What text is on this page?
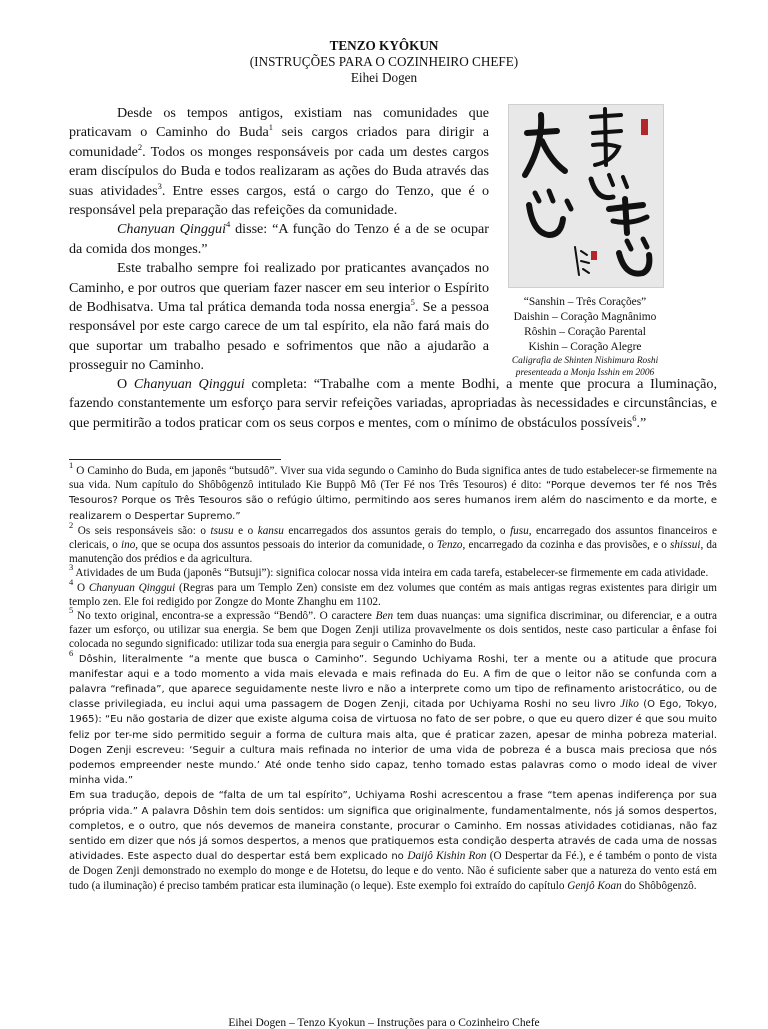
TENZO KYÔKUN
(INSTRUÇÕES PARA O COZINHEIRO CHEFE)
Eihei Dogen

Desde os tempos antigos, existiam nas comunidades que praticavam o Caminho do Buda$^1$ seis cargos criados para dirigir a comunidade$^2$. Todos os monges responsáveis por cada um destes cargos eram discípulos do Buda e todos realizaram as ações do Buda através das suas atividades$^3$. Entre esses cargos, está o cargo do Tenzo, que é o responsável pela preparação das refeições da comunidade.

Chanyuan Qinggui$^4$ disse: “A função do Tenzo é a de se ocupar da comida dos monges.”

Este trabalho sempre foi realizado por praticantes avançados no Caminho, e por outros que queriam fazer nascer em seu interior o Espírito de Bodhisatva. Uma tal prática demanda toda nossa energia$^5$. Se a pessoa responsável por este cargo carece de um tal espírito, ela não fará mais do que suportar um trabalho pesado e sofrimentos que não a ajudarão a prosseguir no Caminho.

O Chanyuan Qinggui completa: “Trabalhe com a mente Bodhi, a mente que procura a Iluminação, fazendo constantemente um esforço para servir refeições variadas, apropriadas às necessidades e circunstâncias, e que permitirão a todos praticar com os seus corpos e mentes, com o mínimo de obstáculos possíveis$^6$.”

“Sanshin – Três Corações”
Daishin – Coração Magnânimo
Rôshin – Coração Parental
Kishin – Coração Alegre
Caligrafia de Shinten Nishimura Roshi
presenteada a Monja Isshin em 2006

$^1$ O Caminho do Buda, em japonês “butsudô”. Viver sua vida segundo o Caminho do Buda significa antes de tudo estabelecer-se firmemente na sua vida. Num capítulo do Shôbôgenzô intitulado Kie Buppô Mô (Ter Fé nos Três Tesouros) é dito: “Porque devemos ter fé nos Três Tesouros? Porque os Três Tesouros são o refúgio último, permitindo aos seres humanos irem além do nascimento e da morte, e realizarem o Despertar Supremo.”

$^2$ Os seis responsáveis são: o tsusu e o kansu encarregados dos assuntos gerais do templo, o fusu, encarregado dos assuntos financeiros e clericais, o ino, que se ocupa dos assuntos pessoais do interior da comunidade, o Tenzo, encarregado da cozinha e das provisões, e o shissui, da manutenção dos prédios e da agricultura.

$^3$ Atividades de um Buda (japonês “Butsuji”): significa colocar nossa vida inteira em cada tarefa, estabelecer-se firmemente em cada atividade.

$^4$ O Chanyuan Qinggui (Regras para um Templo Zen) consiste em dez volumes que contém as mais antigas regras existentes para dirigir um templo zen. Ele foi redigido por Zongze do Monte Zhanghu em 1102.

$^5$ No texto original, encontra-se a expressão “Bendô”. O caractere Ben tem duas nuanças: uma significa discriminar, ou diferenciar, e a outra fazer um esforço, ou utilizar sua energia. Se bem que Dogen Zenji utiliza provavelmente os dois sentidos, neste caso particular a ênfase foi colocada no segundo significado: utilizar toda sua energia para seguir o Caminho do Buda.

$^6$ Dôshin, literalmente “a mente que busca o Caminho”. Segundo Uchiyama Roshi, ter a mente ou a atitude que procura manifestar aqui e a todo momento a vida mais elevada e mais refinada do Eu. A fim de que o leitor não se confunda com a palavra “refinada”, que aparece seguidamente neste livro e não a interprete como um tipo de refinamento aristocrático, ou de classe privilegiada, eu inclui aqui uma passagem de Dogen Zenji, citada por Uchiyama Roshi no seu livro Jiko (O Ego, Tokyo, 1965): “Eu não gostaria de dizer que existe alguma coisa de virtuosa no fato de ser pobre, o que eu quero dizer é que sou muito feliz por ter-me sido permitido seguir a forma de cultura mais alta, que é praticar zazen, apesar de minha pobreza material. Dogen Zenji escreveu: ‘Seguir a cultura mais refinada no interior de uma vida de pobreza é a busca mais preciosa que nós podemos empreender neste mundo.’ Até onde tenho sido capaz, tenho tomado estas palavras como o modo ideal de viver minha vida.”

Em sua tradução, depois de “falta de um tal espírito”, Uchiyama Roshi acrescentou a frase “tem apenas indiferença por sua própria vida.” A palavra Dôshin tem dois sentidos: um significa que originalmente, fundamentalmente, nós já somos despertos, completos, e o outro, que nós devemos de maneira constante, procurar o Caminho. Em nossas atividades cotidianas, não faz sentido em dizer que nós já somos despertos, a menos que pratiquemos esta condição desperta através de cada uma de nossas atividades. Este aspecto dual do despertar está bem explicado no Daijô Kishin Ron (O Despertar da Fé.), e é também o ponto de vista de Dogen Zenji demonstrado no exemplo do monge e de Hotetsu, do leque e do vento. Não é suficiente saber que a natureza do vento está em tudo (a iluminação) é preciso também praticar esta iluminação (o leque). Este exemplo foi extraído do capítulo Genjô Koan do Shôbôgenzô.

Eihei Dogen – Tenzo Kyokun – Instruções para o Cozinheiro Chefe
